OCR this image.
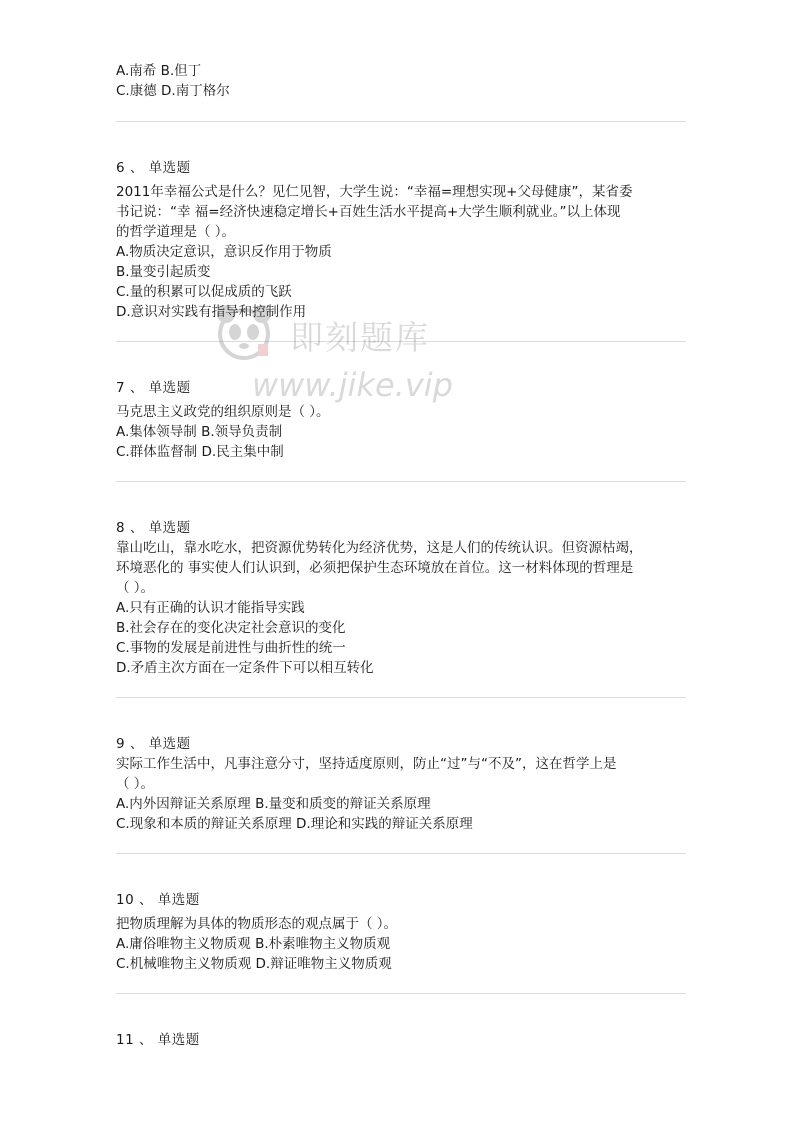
A.南希 B.但丁
C.康德 D.南丁格尔
6 、 单选题
2011年幸福公式是什么？见仁见智，大学生说：“幸福=理想实现+父母健康”，某省委
书记说：“幸 福=经济快速稳定增长+百姓生活水平提高+大学生顺利就业。”以上体现
的哲学道理是（ ）。
A.物质决定意识，意识反作用于物质
B.量变引起质变
C.量的积累可以促成质的飞跃
D.意识对实践有指导和控制作用
7 、 单选题
马克思主义政党的组织原则是（ ）。
A.集体领导制 B.领导负责制
C.群体监督制 D.民主集中制
8 、 单选题
靠山吃山，靠水吃水，把资源优势转化为经济优势，这是人们的传统认识。但资源枯竭，
环境恶化的 事实使人们认识到，必须把保护生态环境放在首位。这一材料体现的哲理是
（ ）。
A.只有正确的认识才能指导实践
B.社会存在的变化决定社会意识的变化
C.事物的发展是前进性与曲折性的统一
D.矛盾主次方面在一定条件下可以相互转化
9 、 单选题
实际工作生活中，凡事注意分寸，坚持适度原则，防止“过”与“不及”，这在哲学上是
（ ）。
A.内外因辩证关系原理 B.量变和质变的辩证关系原理
C.现象和本质的辩证关系原理 D.理论和实践的辩证关系原理
10 、 单选题
把物质理解为具体的物质形态的观点属于（ ）。
A.庸俗唯物主义物质观 B.朴素唯物主义物质观
C.机械唯物主义物质观 D.辩证唯物主义物质观
11 、 单选题
即刻题库
www.jike.vip
